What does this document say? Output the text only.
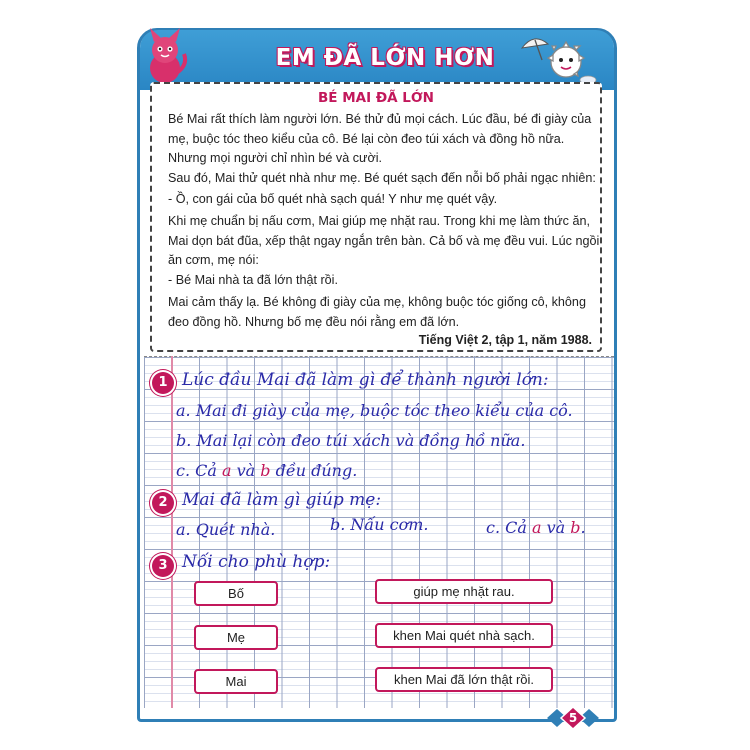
EM ĐÃ LỚN HƠN
BÉ MAI ĐÃ LỚN
Bé Mai rất thích làm người lớn. Bé thử đủ mọi cách. Lúc đầu, bé đi giày của mẹ, buộc tóc theo kiểu của cô. Bé lại còn đeo túi xách và đồng hồ nữa. Nhưng mọi người chỉ nhìn bé và cười.
Sau đó, Mai thử quét nhà như mẹ. Bé quét sạch đến nỗi bố phải ngạc nhiên:
- Ồ, con gái của bố quét nhà sạch quá! Y như mẹ quét vậy.
Khi mẹ chuẩn bị nấu cơm, Mai giúp mẹ nhặt rau. Trong khi mẹ làm thức ăn, Mai dọn bát đũa, xếp thật ngay ngắn trên bàn. Cả bố và mẹ đều vui. Lúc ngồi ăn cơm, mẹ nói:
- Bé Mai nhà ta đã lớn thật rồi.
Mai cảm thấy lạ. Bé không đi giày của mẹ, không buộc tóc giống cô, không đeo đồng hồ. Nhưng bố mẹ đều nói rằng em đã lớn.
Tiếng Việt 2, tập 1, năm 1988.
1 Lúc đầu Mai đã làm gì để thành người lớn:
a. Mai đi giày của mẹ, buộc tóc theo kiểu của cô.
b. Mai lại còn đeo túi xách và đồng hồ nữa.
c. Cả a và b đều đúng.
2 Mai đã làm gì giúp mẹ:
a. Quét nhà.	b. Nấu cơm.	c. Cả a và b.
3 Nối cho phù hợp:
Bố
Mẹ
Mai
giúp mẹ nhặt rau.
khen Mai quét nhà sạch.
khen Mai đã lớn thật rồi.
5
